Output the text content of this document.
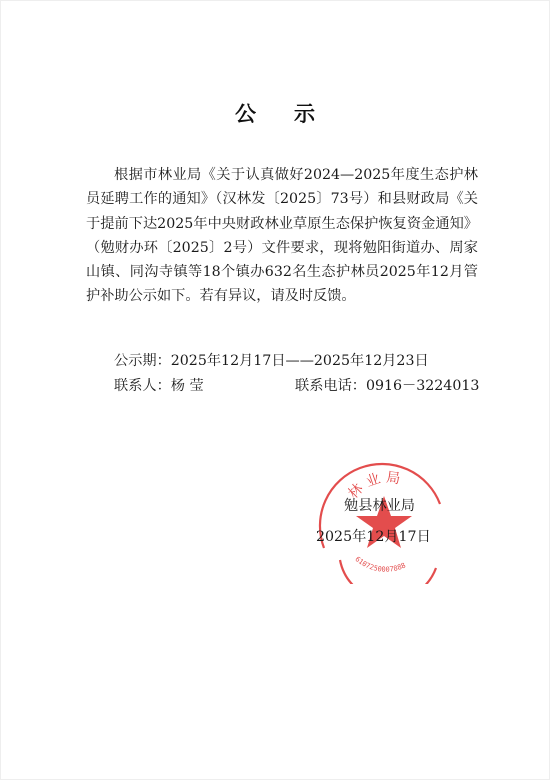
公示
根据市林业局《关于认真做好2024—2025年度生态护林员延聘工作的通知》（汉林发〔2025〕73号）和县财政局《关于提前下达2025年中央财政林业草原生态保护恢复资金通知》（勉财办环〔2025〕2号）文件要求，现将勉阳街道办、周家山镇、同沟寺镇等18个镇办632名生态护林员2025年12月管护补助公示如下。若有异议，请及时反馈。
公示期：2025年12月17日——2025年12月23日
联系人：杨 莹	联系电话：0916－3224013
林 业 局
6107250007888
勉县林业局
2025年12月17日
